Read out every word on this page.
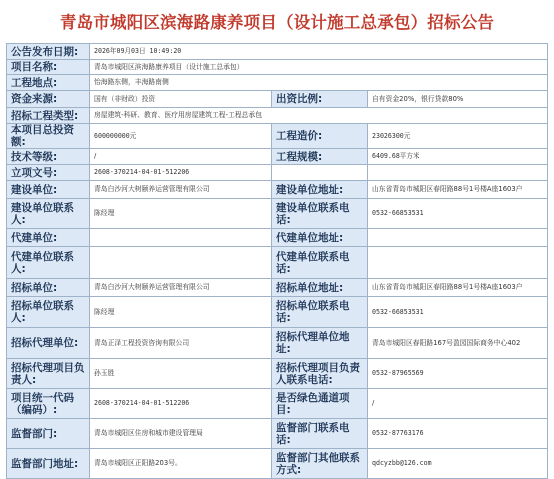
青岛市城阳区滨海路康养项目（设计施工总承包）招标公告
公告发布日期:	2026年09月03日 10:49:20		
项目名称:	青岛市城阳区滨海路康养项目（设计施工总承包）		
工程地点:	怡海路东侧，丰海路南侧		
资金来源:	国有（非财政）投资	出资比例:	自有资金20%，银行贷款80%
招标工程类型:	房屋建筑-科研、教育、医疗用房屋建筑工程-工程总承包		
本项目总投资额:	600000000元	工程造价:	23026300元
技术等级:	/	工程规模:	6409.68平方米
立项文号:	2608-370214-04-01-512206		
建设单位:	青岛白沙河大树颐养运营管理有限公司	建设单位地址:	山东省青岛市城阳区春阳路88号1号楼A座1603户
建设单位联系人:	陈经理	建设单位联系电话:	0532-66853531
代建单位:		代建单位地址:	
代建单位联系人:		代建单位联系电话:	
招标单位:	青岛白沙河大树颐养运营管理有限公司	招标单位地址:	山东省青岛市城阳区春阳路88号1号楼A座1603户
招标单位联系人:	陈经理	招标单位联系电话:	0532-66853531
招标代理单位:	青岛正泽工程投资咨询有限公司	招标代理单位地址:	青岛市城阳区春阳路167号盈园国际商务中心402
招标代理项目负责人:	孙玉胜	招标代理项目负责人联系电话:	0532-87965569
项目统一代码（编码）:	2608-370214-04-01-512206	是否绿色通道项目:	/
监督部门:	青岛市城阳区住房和城市建设管理局	监督部门联系电话:	0532-87763176
监督部门地址:	青岛市城阳区正阳路203号。	监督部门其他联系方式:	qdcyzbb@126.com
